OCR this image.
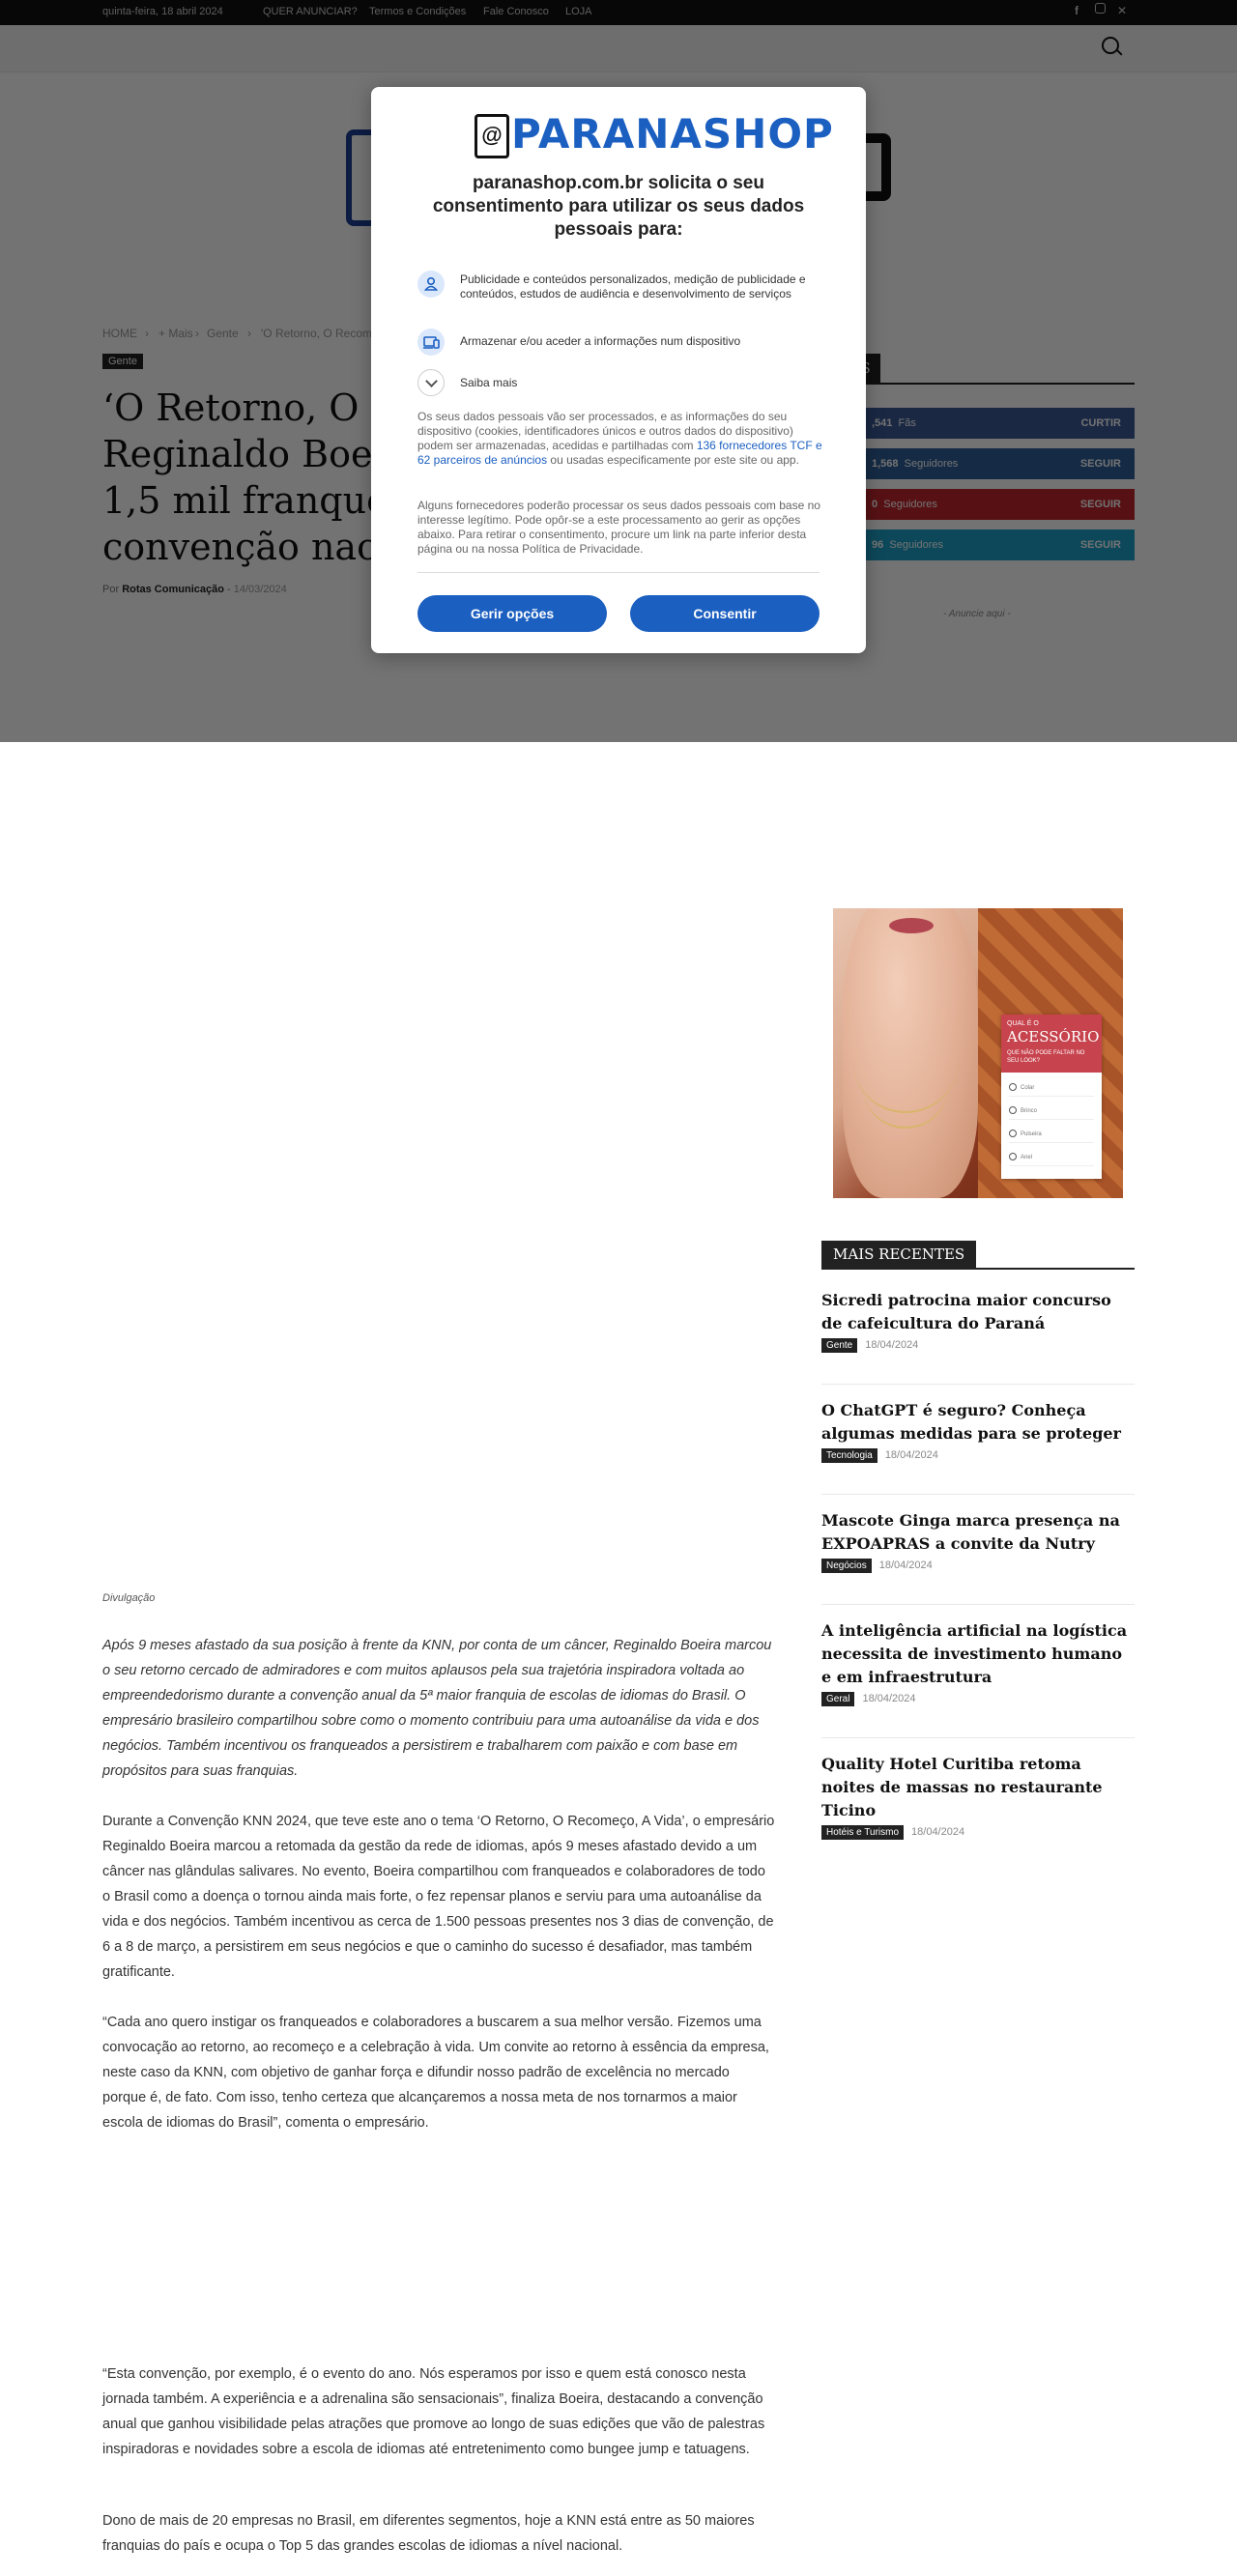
@ PARANASHOP
paranashop.com.br solicita o seu consentimento para utilizar os seus dados pessoais para:
Publicidade e conteúdos personalizados, medição de publicidade e conteúdos, estudos de audiência e desenvolvimento de serviços
Armazenar e/ou aceder a informações num dispositivo
Saiba mais
Os seus dados pessoais vão ser processados, e as informações do seu dispositivo (cookies, identificadores únicos e outros dados do dispositivo) podem ser armazenadas, acedidas e partilhadas com 136 fornecedores TCF e 62 parceiros de anúncios ou usadas especificamente por este site ou app.
Alguns fornecedores poderão processar os seus dados pessoais com base no interesse legítimo. Pode opôr-se a este processamento ao gerir as opções abaixo. Para retirar o consentimento, procure um link na parte inferior desta página ou na nossa Política de Privacidade.
Gerir opções	Consentir
QUAL É O
ACESSÓRIO
QUE NÃO PODE FALTAR NO SEU LOOK?
Colar
Brinco
Pulseira
Anel
MAIS RECENTES
Sicredi patrocina maior concurso de cafeicultura do Paraná
Gente 18/04/2024
O ChatGPT é seguro? Conheça algumas medidas para se proteger
Tecnologia 18/04/2024
Mascote Ginga marca presença na EXPOAPRAS a convite da Nutry
Negócios 18/04/2024
A inteligência artificial na logística necessita de investimento humano e em infraestrutura
Geral 18/04/2024
Quality Hotel Curitiba retoma noites de massas no restaurante Ticino
Hotéis e Turismo 18/04/2024
Divulgação
Após 9 meses afastado da sua posição à frente da KNN, por conta de um câncer, Reginaldo Boeira marcou o seu retorno cercado de admiradores e com muitos aplausos pela sua trajetória inspiradora voltada ao empreendedorismo durante a convenção anual da 5ª maior franquia de escolas de idiomas do Brasil. O empresário brasileiro compartilhou sobre como o momento contribuiu para uma autoanálise da vida e dos negócios. Também incentivou os franqueados a persistirem e trabalharem com paixão e com base em propósitos para suas franquias.
Durante a Convenção KNN 2024, que teve este ano o tema ‘O Retorno, O Recomeço, A Vida’, o empresário Reginaldo Boeira marcou a retomada da gestão da rede de idiomas, após 9 meses afastado devido a um câncer nas glândulas salivares. No evento, Boeira compartilhou com franqueados e colaboradores de todo o Brasil como a doença o tornou ainda mais forte, o fez repensar planos e serviu para uma autoanálise da vida e dos negócios. Também incentivou as cerca de 1.500 pessoas presentes nos 3 dias de convenção, de 6 a 8 de março, a persistirem em seus negócios e que o caminho do sucesso é desafiador, mas também gratificante.
“Cada ano quero instigar os franqueados e colaboradores a buscarem a sua melhor versão. Fizemos uma convocação ao retorno, ao recomeço e a celebração à vida. Um convite ao retorno à essência da empresa, neste caso da KNN, com objetivo de ganhar força e difundir nosso padrão de excelência no mercado porque é, de fato. Com isso, tenho certeza que alcançaremos a nossa meta de nos tornarmos a maior escola de idiomas do Brasil”, comenta o empresário.
“Esta convenção, por exemplo, é o evento do ano. Nós esperamos por isso e quem está conosco nesta jornada também. A experiência e a adrenalina são sensacionais”, finaliza Boeira, destacando a convenção anual que ganhou visibilidade pelas atrações que promove ao longo de suas edições que vão de palestras inspiradoras e novidades sobre a escola de idiomas até entretenimento como bungee jump e tatuagens.
Dono de mais de 20 empresas no Brasil, em diferentes segmentos, hoje a KNN está entre as 50 maiores franquias do país e ocupa o Top 5 das grandes escolas de idiomas a nível nacional.
